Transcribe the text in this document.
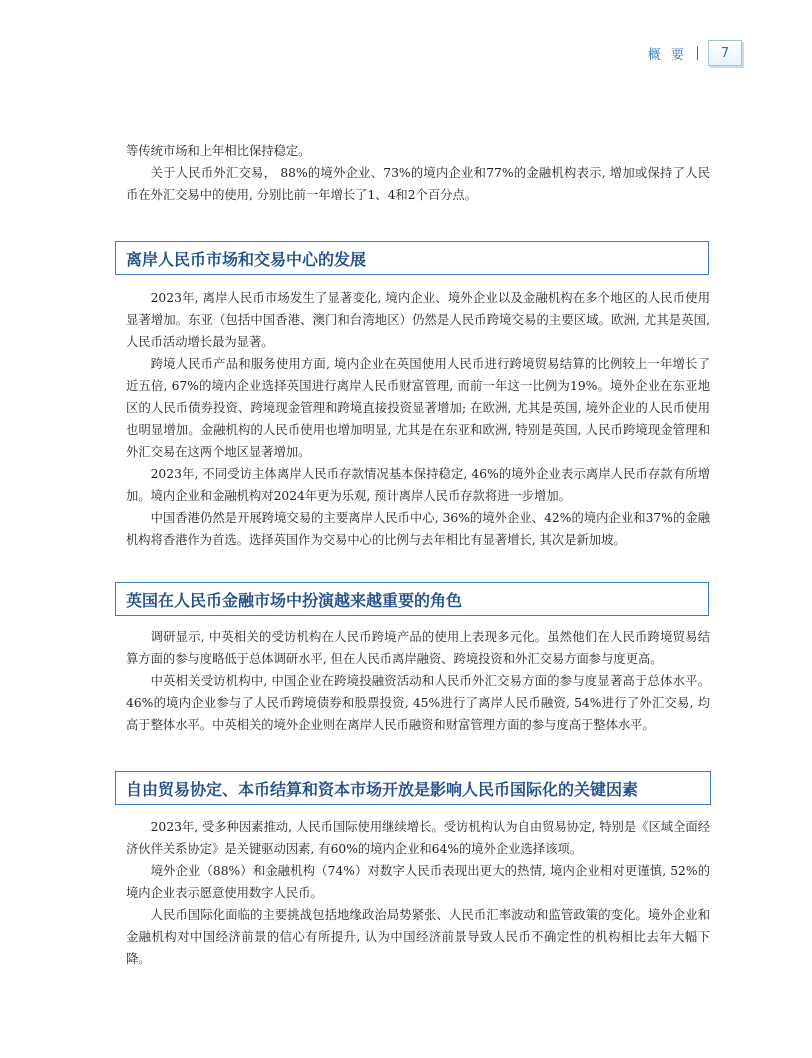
概 要	7

等传统市场和上年相比保持稳定。

关于人民币外汇交易， 88%的境外企业、73%的境内企业和77%的金融机构表示, 增加或保持了人民币在外汇交易中的使用, 分别比前一年增长了1、4和2个百分点。

离岸人民币市场和交易中心的发展

2023年, 离岸人民币市场发生了显著变化, 境内企业、境外企业以及金融机构在多个地区的人民币使用显著增加。东亚（包括中国香港、澳门和台湾地区）仍然是人民币跨境交易的主要区域。欧洲, 尤其是英国, 人民币活动增长最为显著。

跨境人民币产品和服务使用方面, 境内企业在英国使用人民币进行跨境贸易结算的比例较上一年增长了近五倍, 67%的境内企业选择英国进行离岸人民币财富管理, 而前一年这一比例为19%。境外企业在东亚地区的人民币债券投资、跨境现金管理和跨境直接投资显著增加; 在欧洲, 尤其是英国, 境外企业的人民币使用也明显增加。金融机构的人民币使用也增加明显, 尤其是在东亚和欧洲, 特别是英国, 人民币跨境现金管理和外汇交易在这两个地区显著增加。

2023年, 不同受访主体离岸人民币存款情况基本保持稳定, 46%的境外企业表示离岸人民币存款有所增加。境内企业和金融机构对2024年更为乐观, 预计离岸人民币存款将进一步增加。

中国香港仍然是开展跨境交易的主要离岸人民币中心, 36%的境外企业、42%的境内企业和37%的金融机构将香港作为首选。选择英国作为交易中心的比例与去年相比有显著增长, 其次是新加坡。

英国在人民币金融市场中扮演越来越重要的角色

调研显示, 中英相关的受访机构在人民币跨境产品的使用上表现多元化。虽然他们在人民币跨境贸易结算方面的参与度略低于总体调研水平, 但在人民币离岸融资、跨境投资和外汇交易方面参与度更高。

中英相关受访机构中, 中国企业在跨境投融资活动和人民币外汇交易方面的参与度显著高于总体水平。46%的境内企业参与了人民币跨境债券和股票投资, 45%进行了离岸人民币融资, 54%进行了外汇交易, 均高于整体水平。中英相关的境外企业则在离岸人民币融资和财富管理方面的参与度高于整体水平。

自由贸易协定、本币结算和资本市场开放是影响人民币国际化的关键因素

2023年, 受多种因素推动, 人民币国际使用继续增长。受访机构认为自由贸易协定, 特别是《区域全面经济伙伴关系协定》是关键驱动因素, 有60%的境内企业和64%的境外企业选择该项。

境外企业（88%）和金融机构（74%）对数字人民币表现出更大的热情, 境内企业相对更谨慎, 52%的境内企业表示愿意使用数字人民币。

人民币国际化面临的主要挑战包括地缘政治局势紧张、人民币汇率波动和监管政策的变化。境外企业和金融机构对中国经济前景的信心有所提升, 认为中国经济前景导致人民币不确定性的机构相比去年大幅下降。
